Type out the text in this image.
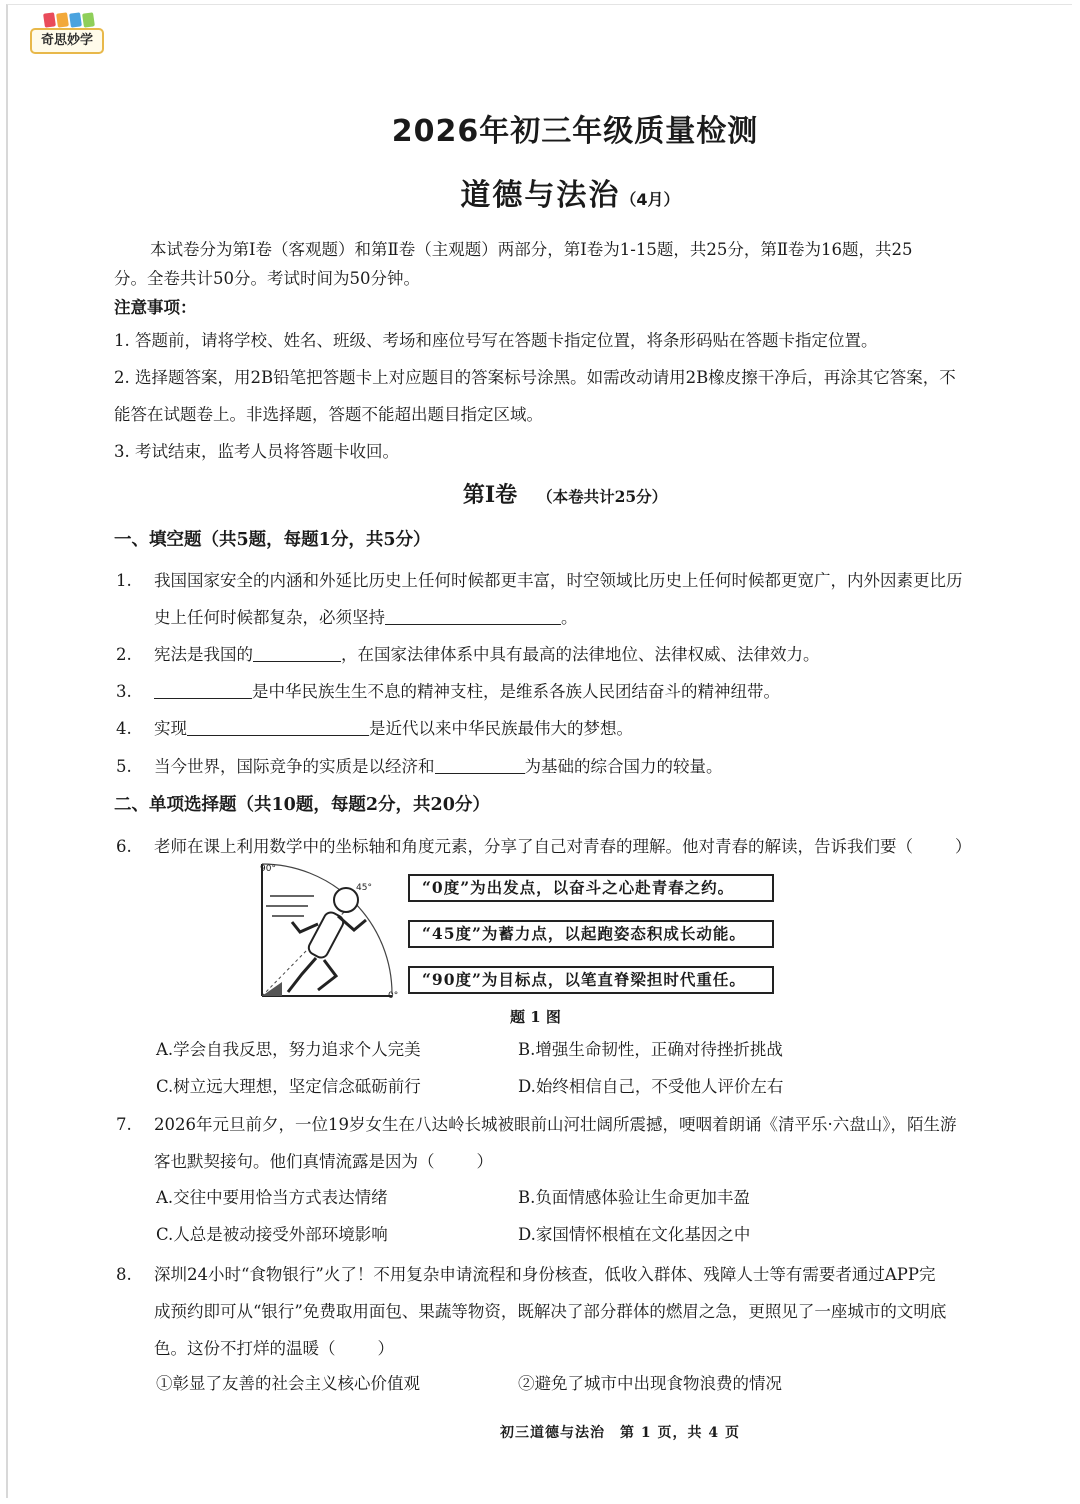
奇思妙学
2026年初三年级质量检测
道德与法治（4月）
本试卷分为第Ⅰ卷（客观题）和第Ⅱ卷（主观题）两部分，第Ⅰ卷为1-15题，共25分，第Ⅱ卷为16题，共25
分。全卷共计50分。考试时间为50分钟。
注意事项：
1. 答题前，请将学校、姓名、班级、考场和座位号写在答题卡指定位置，将条形码贴在答题卡指定位置。
2. 选择题答案，用2B铅笔把答题卡上对应题目的答案标号涂黑。如需改动请用2B橡皮擦干净后，再涂其它答案，不
能答在试题卷上。非选择题，答题不能超出题目指定区域。
3. 考试结束，监考人员将答题卡收回。
第Ⅰ卷 （本卷共计25分）
一、填空题（共5题，每题1分，共5分）
1. 我国国家安全的内涵和外延比历史上任何时候都更丰富，时空领域比历史上任何时候都更宽广，内外因素更比历
史上任何时候都复杂，必须坚持	。
2. 宪法是我国的	，在国家法律体系中具有最高的法律地位、法律权威、法律效力。
3.	是中华民族生生不息的精神支柱，是维系各族人民团结奋斗的精神纽带。
4. 实现	是近代以来中华民族最伟大的梦想。
5. 当今世界，国际竞争的实质是以经济和	为基础的综合国力的较量。
二、单项选择题（共10题，每题2分，共20分）
6. 老师在课上利用数学中的坐标轴和角度元素，分享了自己对青春的理解。他对青春的解读，告诉我们要（	）
90°
45°
0°
“0度”为出发点，以奋斗之心赴青春之约。
“45度”为蓄力点，以起跑姿态积成长动能。
“90度”为目标点，以笔直脊梁担时代重任。
题 1 图
A.学会自我反思，努力追求个人完美	B.增强生命韧性，正确对待挫折挑战
C.树立远大理想，坚定信念砥砺前行	D.始终相信自己，不受他人评价左右
7. 2026年元旦前夕，一位19岁女生在八达岭长城被眼前山河壮阔所震撼，哽咽着朗诵《清平乐·六盘山》，陌生游
客也默契接句。他们真情流露是因为（	）
A.交往中要用恰当方式表达情绪	B.负面情感体验让生命更加丰盈
C.人总是被动接受外部环境影响	D.家国情怀根植在文化基因之中
8. 深圳24小时“食物银行”火了！不用复杂申请流程和身份核查，低收入群体、残障人士等有需要者通过APP完
成预约即可从“银行”免费取用面包、果蔬等物资，既解决了部分群体的燃眉之急，更照见了一座城市的文明底
色。这份不打烊的温暖（	）
①彰显了友善的社会主义核心价值观	②避免了城市中出现食物浪费的情况
初三道德与法治　第 1 页，共 4 页
